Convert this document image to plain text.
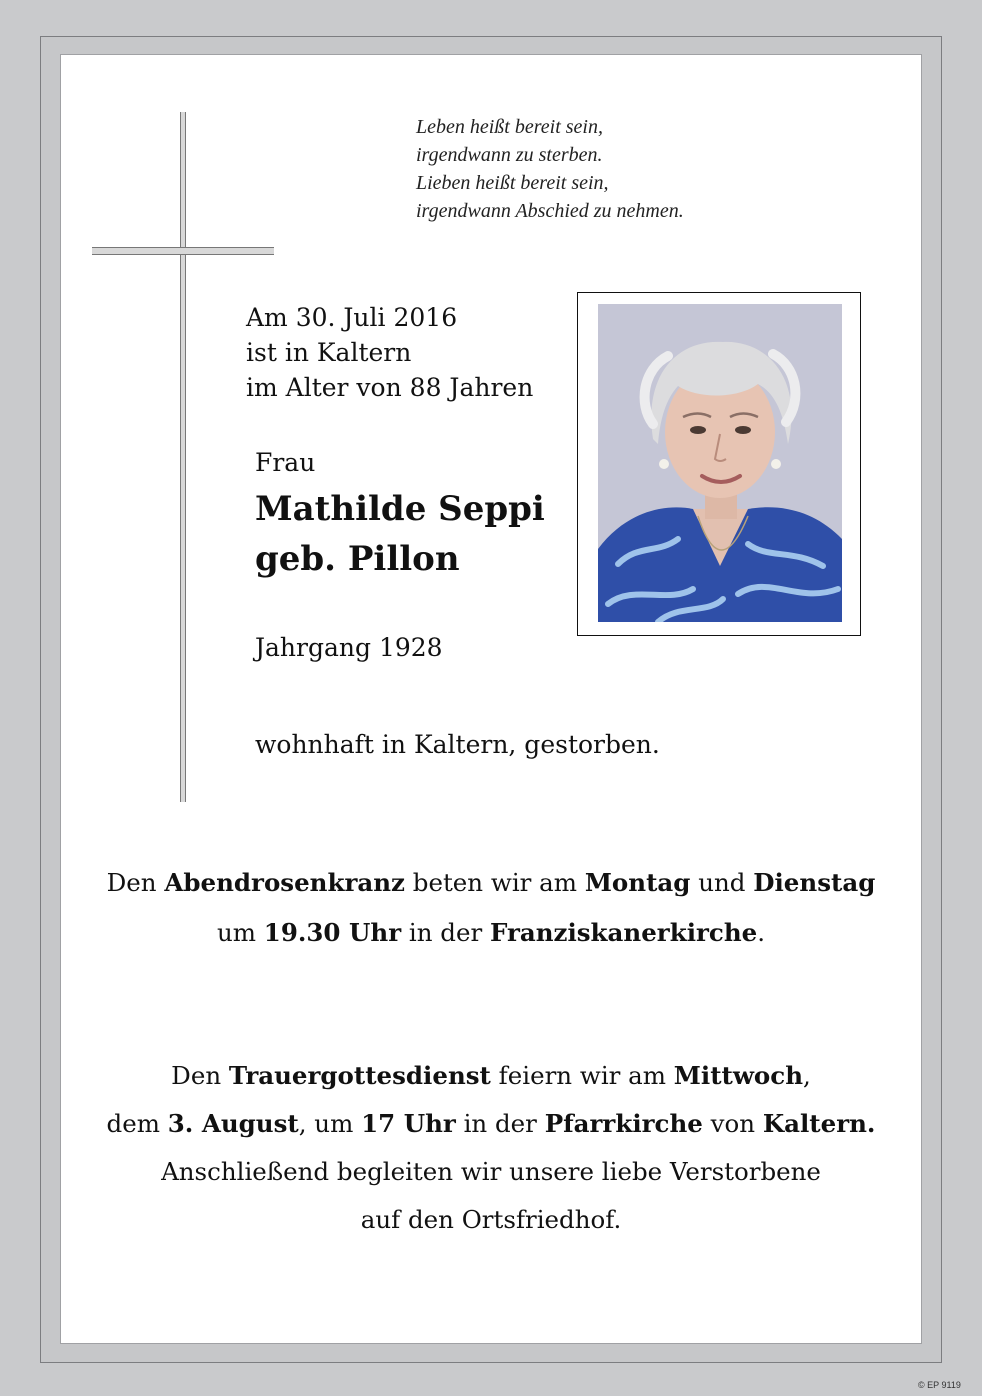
Leben heißt bereit sein,
irgendwann zu sterben.
Lieben heißt bereit sein,
irgendwann Abschied zu nehmen.
Am 30. Juli 2016
ist in Kaltern
im Alter von 88 Jahren
Frau
Mathilde Seppi
geb. Pillon
Jahrgang 1928
wohnhaft in Kaltern, gestorben.
Den Abendrosenkranz beten wir am Montag und Dienstag
um 19.30 Uhr in der Franziskanerkirche.
Den Trauergottesdienst feiern wir am Mittwoch,
dem 3. August, um 17 Uhr in der Pfarrkirche von Kaltern.
Anschließend begleiten wir unsere liebe Verstorbene
auf den Ortsfriedhof.
© EP 9119
